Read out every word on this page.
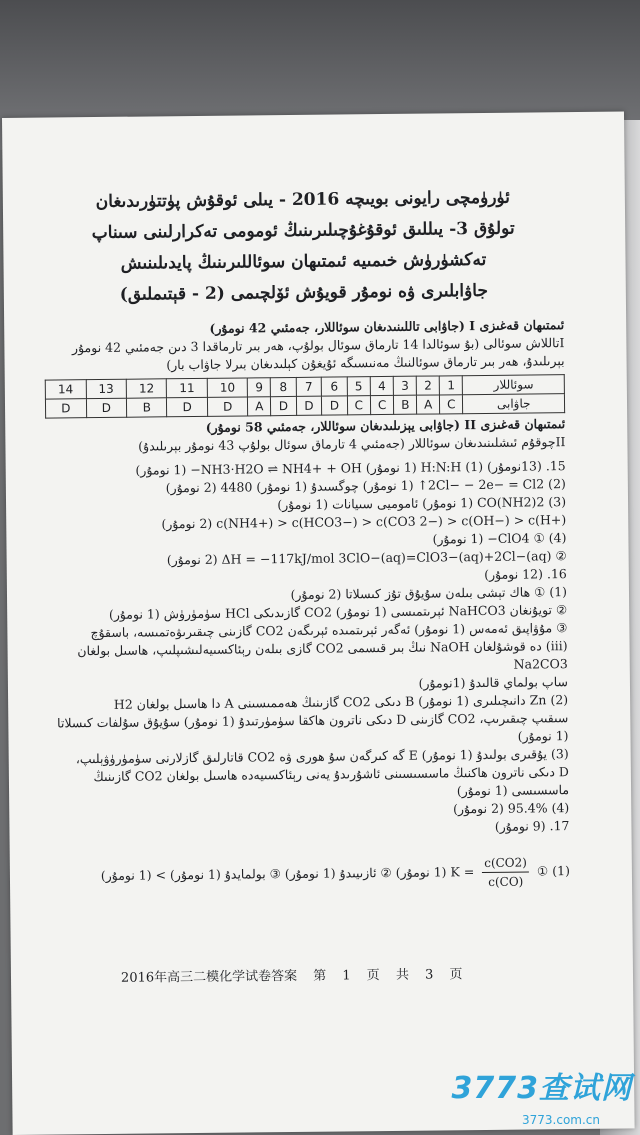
ئۈرۈمچى رايونى بويىچە 2016 - يىلى ئوقۇش پۈتتۈرىدىغان
تولۇق 3- يىللىق ئوقۇغۇچىلىرىنىڭ ئومومى تەكرارلىنى سىناپ
تەكشۈرۈش خىمىيە ئىمتىھان سوئاللىرىنىڭ پايدىلىنىش
جاۋابلىرى ۋە نومۇر قويۇش ئۆلچىمى (2 - قېتىملىق)
ئىمتىھان قەغىزى I (جاۋابى تاللىنىدىغان سوئاللار، جەمئىي 42 نومۇر)
Iتاللاش سوئالى (بۇ سوئالدا 14 تارماق سوئال بولۇپ، ھەر بىر تارماقدا 3 دىن جەمئىي 42 نومۇر بېرىلىدۇ، ھەر بىر تارماق سوئالنىڭ مەنىسىگە ئۇيغۇن كېلىدىغان بىرلا جاۋاب بار)
سوئاللار	1	2	3	4	5	6	7	8	9	10	11	12	13	14
جاۋابى	C	A	B	C	C	D	D	D	A	D	D	B	D	D
ئىمتىھان قەغىزى II (جاۋابى يېزىلىدىغان سوئاللار، جەمئىي 58 نومۇر)
IIچوقۇم ئىشلىنىدىغان سوئاللار (جەمئىي 4 تارماق سوئال بولۇپ 43 نومۇر بېرىلىدۇ)
15. (13نومۇر) (1) H:N:H (1 نومۇر) NH3·H2O ⇌ NH4+ + OH− (1 نومۇر)
(2) 2Cl− − 2e− = Cl2↑ (1 نومۇر) چوگسىدۇ (1 نومۇر) 4480 (2 نومۇر)
(3) CO(NH2)2 (1 نومۇر) ئاموميى سىيانات (1 نومۇر)
c(NH4+) > c(HCO3−) > c(CO3 2−) > c(OH−) > c(H+) (2 نومۇر)
(4) ① ClO4− (1 نومۇر)
② ΔH = −117kJ/mol 3ClO−(aq)=ClO3−(aq)+2Cl−(aq) (2 نومۇر)
16. (12 نومۇر)
(1) ① ھاك تېشى بىلەن سۇيۇق تۇز كىسلاتا (2 نومۇر)
② تويۇنغان NaHCO3 ئېرىتمىسى (1 نومۇر) CO2 گازىدىكى HCl سۈمۈرۈش (1 نومۇر)
③ مۇۋاپىق ئەمەس (1 نومۇر) ئەگەر ئېرىتمىدە ئېرىگەن CO2 گازىنى چىقىرىۋەتمىسە، باسقۇچ
(iii) دە قوشۇلغان NaOH نىڭ بىر قىسمى CO2 گازى بىلەن رېئاكسىيەلىشىپلىپ، ھاسىل بولغان Na2CO3
ساپ بولماي قالىدۇ (1نومۇر)
(2) Zn دانىچىلىرى (1 نومۇر) B دىكى CO2 گازىنىڭ ھەممىسىنى A دا ھاسىل بولغان H2
سىقىپ چىقىرىپ، CO2 گازىنى D دىكى ناترون ھاكقا سۈمۈرتىدۇ (1 نومۇر) سۇيۇق سۇلفات كىسلاتا
(1 نومۇر)
(3) يۇقىرى بولىدۇ (1 نومۇر) E گە كىرگەن سۇ ھورى ۋە CO2 قاتارلىق گازلارنى سۈمۈرۈۋېلىپ،
D دىكى ناترون ھاكنىڭ ماسسىسىنى ئاشۇرىدۇ يەنى رېئاكسىيەدە ھاسىل بولغان CO2 گازىنىڭ
ماسسىسى (1 نومۇر)
(4) 95.4% (2 نومۇر)
17. (9 نومۇر)
(1) ① $K = \frac{c(CO2)}{c(CO)}$
(1 نومۇر) ② ئازىيىدۇ (1 نومۇر) ③ بولمايدۇ (1 نومۇر) > (1 نومۇر)
2016年高三二模化学试卷答案 第 1 页 共 3 页
3773查试网
3773.com.cn
